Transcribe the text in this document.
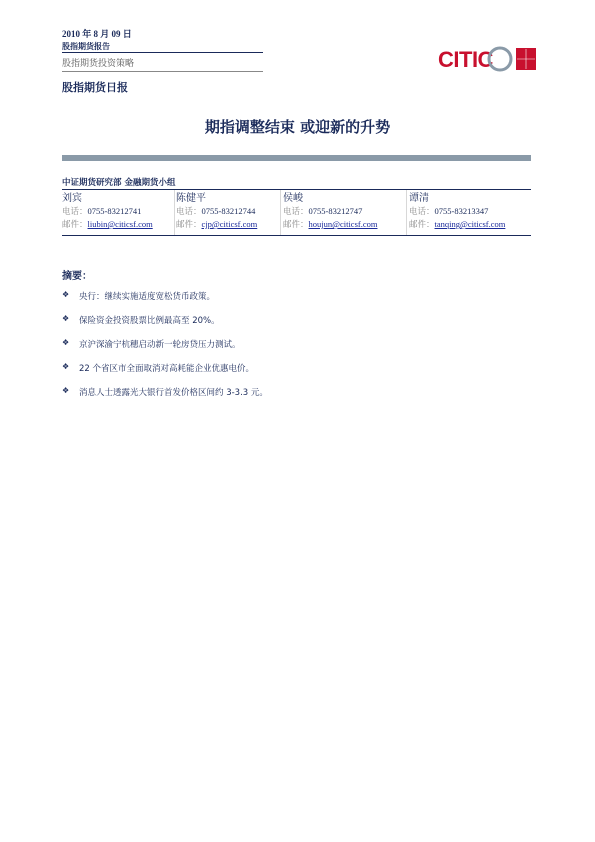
2010 年 8 月 09 日
股指期货报告
股指期货投资策略	CITIC
股指期货日报
期指调整结束 或迎新的升势
中证期货研究部 金融期货小组
刘宾
电话：0755-83212741
邮件：liubin@citicsf.com
陈健平
电话：0755-83212744
邮件：cjp@citicsf.com
侯峻
电话：0755-83212747
邮件：houjun@citicsf.com
谭清
电话：0755-83213347
邮件：tanqing@citicsf.com
摘要：
❖	央行：继续实施适度宽松货币政策。
❖	保险资金投资股票比例最高至 20%。
❖	京沪深渝宁杭穗启动新一轮房贷压力测试。
❖	22 个省区市全面取消对高耗能企业优惠电价。
❖	消息人士透露光大银行首发价格区间约 3-3.3 元。
